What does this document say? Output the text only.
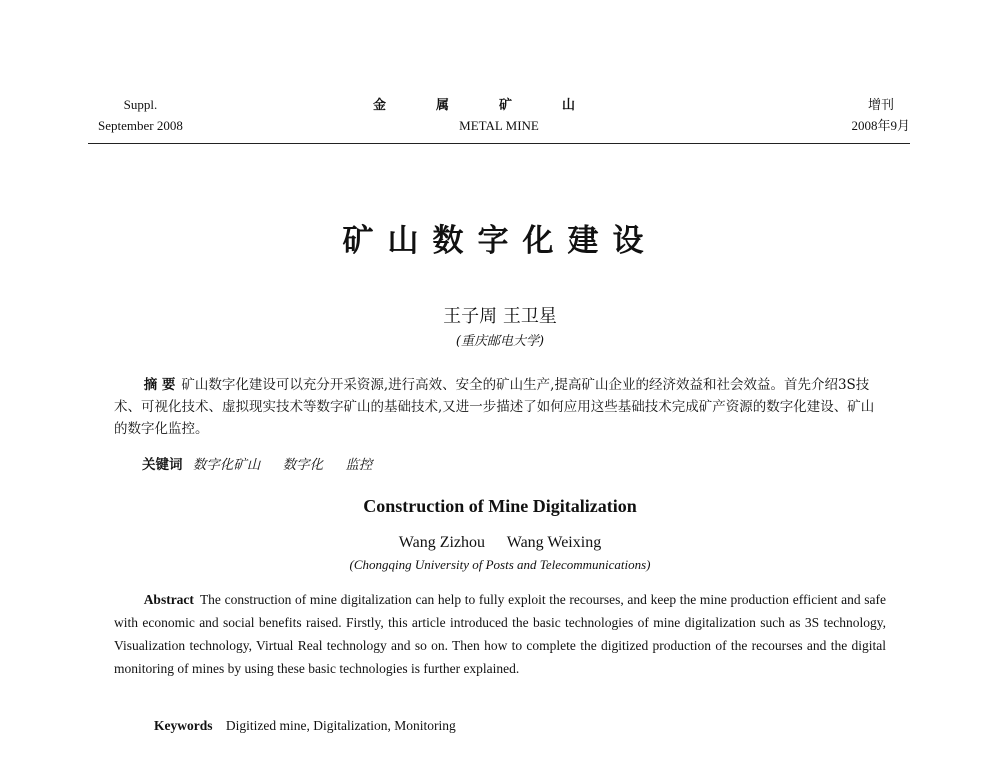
Suppl.
September 2008
金属矿山
METAL MINE
增刊
2008年9月
矿山数字化建设
王子周 王卫星
(重庆邮电大学)
摘 要 矿山数字化建设可以充分开采资源,进行高效、安全的矿山生产,提高矿山企业的经济效益和社会效益。首先介绍3S技术、可视化技术、虚拟现实技术等数字矿山的基础技术,又进一步描述了如何应用这些基础技术完成矿产资源的数字化建设、矿山的数字化监控。
关键词 数字化矿山 数字化 监控
Construction of Mine Digitalization
Wang Zizhou Wang Weixing
(Chongqing University of Posts and Telecommunications)
Abstract The construction of mine digitalization can help to fully exploit the recourses, and keep the mine production efficient and safe with economic and social benefits raised. Firstly, this article introduced the basic technologies of mine digitalization such as 3S technology, Visualization technology, Virtual Real technology and so on. Then how to complete the digitized production of the recourses and the digital monitoring of mines by using these basic technologies is further explained.
Keywords Digitized mine, Digitalization, Monitoring
